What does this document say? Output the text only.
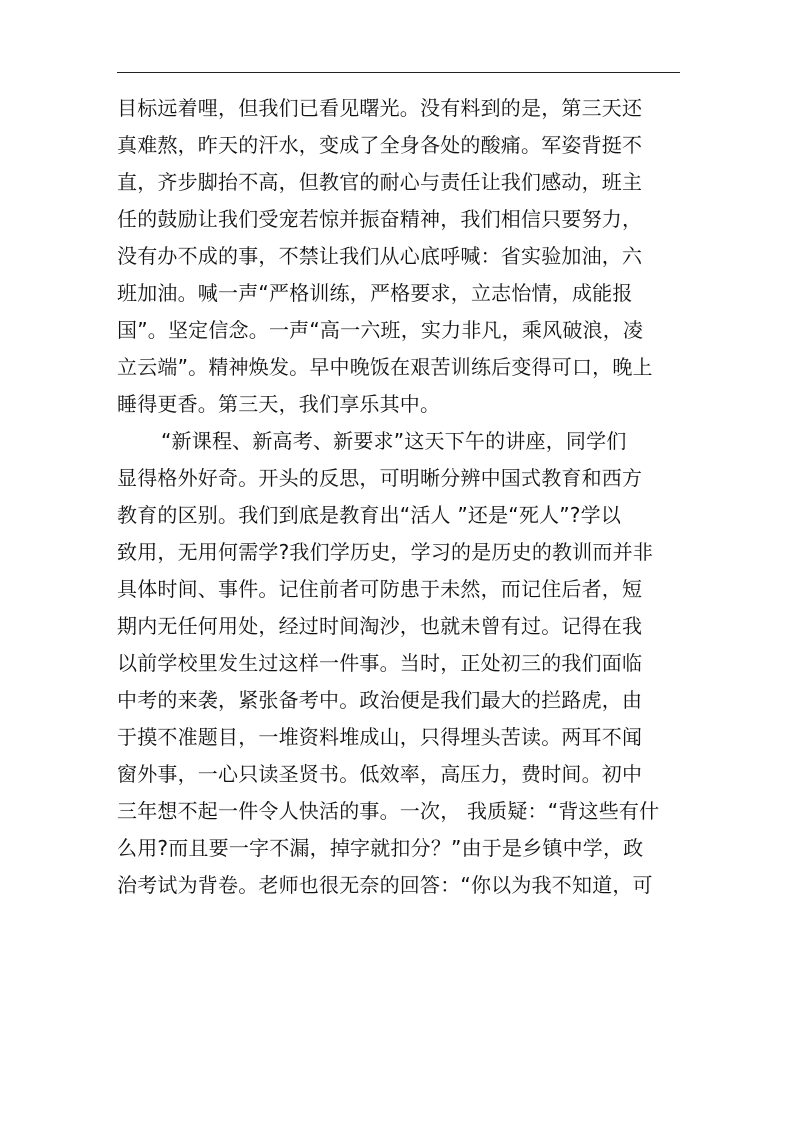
目标远着哩，但我们已看见曙光。没有料到的是，第三天还
真难熬，昨天的汗水，变成了全身各处的酸痛。军姿背挺不
直，齐步脚抬不高，但教官的耐心与责任让我们感动，班主
任的鼓励让我们受宠若惊并振奋精神，我们相信只要努力，
没有办不成的事，不禁让我们从心底呼喊：省实验加油，六
班加油。喊一声“严格训练，严格要求，立志怡情，成能报
国”。坚定信念。一声“高一六班，实力非凡，乘风破浪，凌
立云端”。精神焕发。早中晚饭在艰苦训练后变得可口，晚上
睡得更香。第三天，我们享乐其中。
“新课程、新高考、新要求”这天下午的讲座，同学们
显得格外好奇。开头的反思，可明晰分辨中国式教育和西方
教育的区别。我们到底是教育出“活人 ”还是“死人”?学以
致用，无用何需学?我们学历史，学习的是历史的教训而并非
具体时间、事件。记住前者可防患于未然，而记住后者，短
期内无任何用处，经过时间淘沙，也就未曾有过。记得在我
以前学校里发生过这样一件事。当时，正处初三的我们面临
中考的来袭，紧张备考中。政治便是我们最大的拦路虎，由
于摸不准题目，一堆资料堆成山，只得埋头苦读。两耳不闻
窗外事，一心只读圣贤书。低效率，高压力，费时间。初中
三年想不起一件令人快活的事。一次， 我质疑：“背这些有什
么用?而且要一字不漏，掉字就扣分？”由于是乡镇中学，政
治考试为背卷。老师也很无奈的回答：“你以为我不知道，可
